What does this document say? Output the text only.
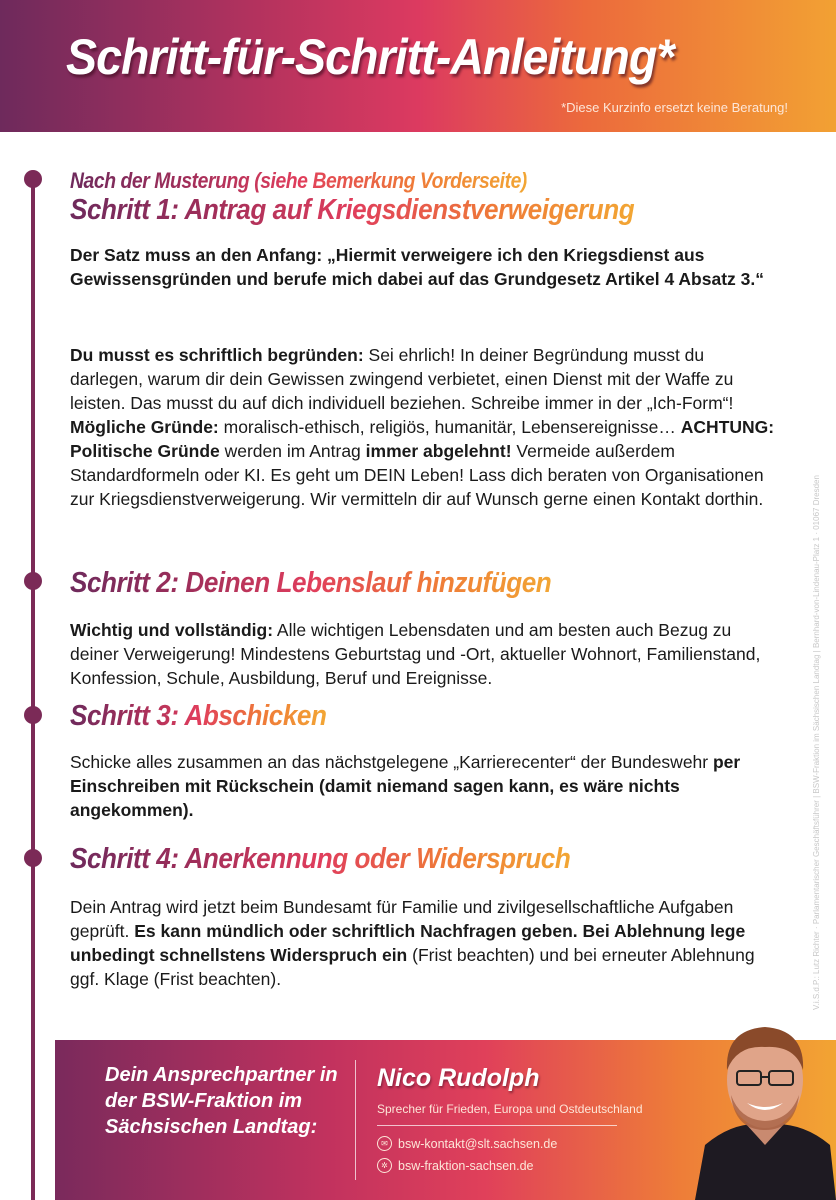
Schritt-für-Schritt-Anleitung*
*Diese Kurzinfo ersetzt keine Beratung!
Nach der Musterung (siehe Bemerkung Vorderseite)
Schritt 1: Antrag auf Kriegsdienstverweigerung
Der Satz muss an den Anfang: „Hiermit verweigere ich den Kriegsdienst aus Gewissensgründen und berufe mich dabei auf das Grundgesetz Artikel 4 Absatz 3.“
Du musst es schriftlich begründen: Sei ehrlich! In deiner Begründung musst du darlegen, warum dir dein Gewissen zwingend verbietet, einen Dienst mit der Waffe zu leisten. Das musst du auf dich individuell beziehen. Schreibe immer in der „Ich-Form“! Mögliche Gründe: moralisch-ethisch, religiös, humanitär, Lebensereignisse… ACHTUNG: Politische Gründe werden im Antrag immer abgelehnt! Vermeide außerdem Standardformeln oder KI. Es geht um DEIN Leben! Lass dich beraten von Organisationen zur Kriegsdienstverweigerung. Wir vermitteln dir auf Wunsch gerne einen Kontakt dorthin.
Schritt 2: Deinen Lebenslauf hinzufügen
Wichtig und vollständig: Alle wichtigen Lebensdaten und am besten auch Bezug zu deiner Verweigerung! Mindestens Geburtstag und -Ort, aktueller Wohnort, Familienstand, Konfession, Schule, Ausbildung, Beruf und Ereignisse.
Schritt 3: Abschicken
Schicke alles zusammen an das nächstgelegene „Karrierecenter“ der Bundeswehr per Einschreiben mit Rückschein (damit niemand sagen kann, es wäre nichts angekommen).
Schritt 4: Anerkennung oder Widerspruch
Dein Antrag wird jetzt beim Bundesamt für Familie und zivilgesellschaftliche Aufgaben geprüft. Es kann mündlich oder schriftlich Nachfragen geben. Bei Ablehnung lege unbedingt schnellstens Widerspruch ein (Frist beachten) und bei erneuter Ablehnung ggf. Klage (Frist beachten).	V.i.S.d.P.: Lutz Richter · Parlamentarischer Geschäftsführer | BSW-Fraktion im Sächsischen Landtag | Bernhard-von-Lindenau-Platz 1 · 01067 Dresden
Dein Ansprechpartner in der BSW-Fraktion im Sächsischen Landtag:
Nico Rudolph
Sprecher für Frieden, Europa und Ostdeutschland
✉ bsw-kontakt@slt.sachsen.de
✲ bsw-fraktion-sachsen.de
